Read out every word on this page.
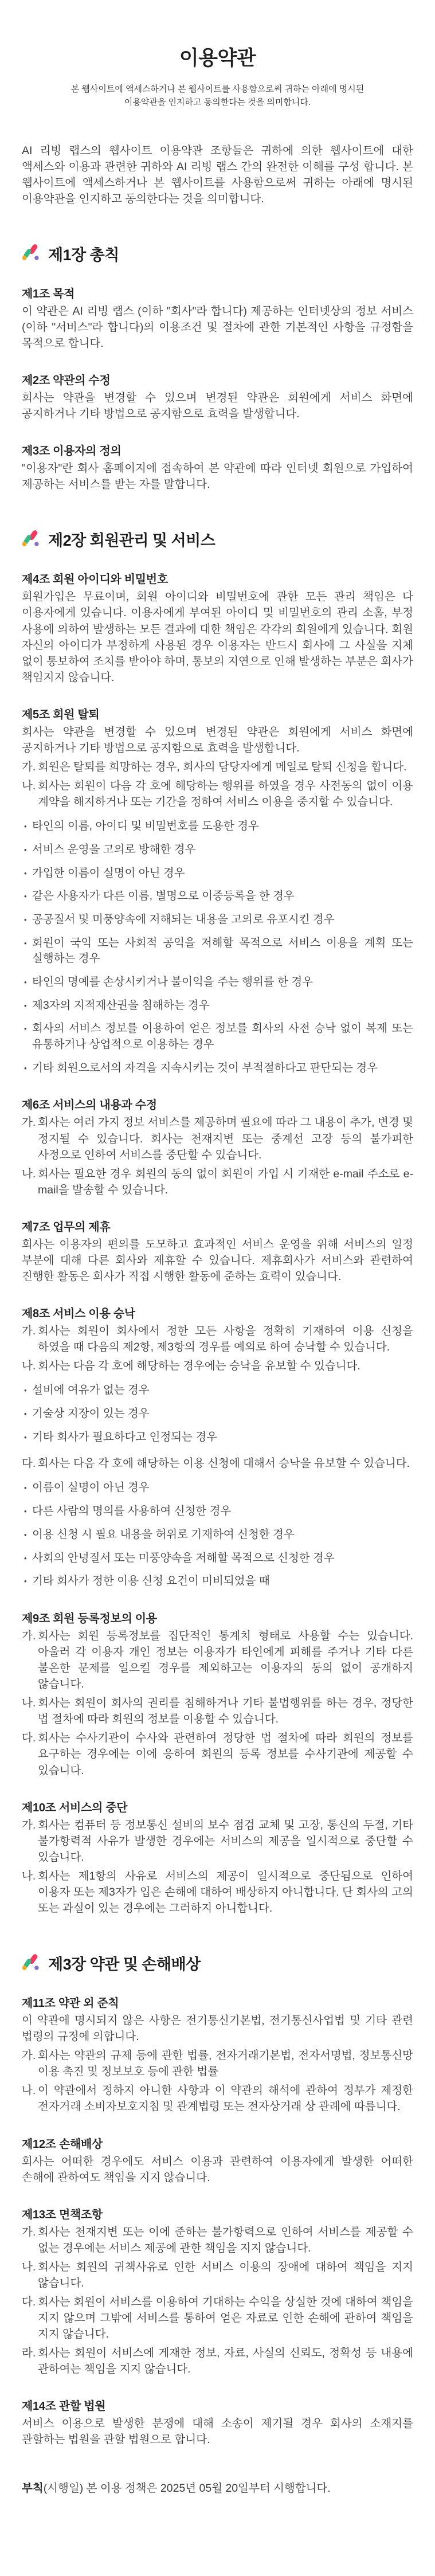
이용약관

본 웹사이트에 액세스하거나 본 웹사이트를 사용함으로써 귀하는 아래에 명시된
이용약관을 인지하고 동의한다는 것을 의미합니다.

AI 리빙 랩스의 웹사이트 이용약관 조항들은 귀하에 의한 웹사이트에 대한 액세스와 이용과 관련한 귀하와 AI 리빙 랩스 간의 완전한 이해를 구성 합니다. 본 웹사이트에 액세스하거나 본 웹사이트를 사용함으로써 귀하는 아래에 명시된 이용약관을 인지하고 동의한다는 것을 의미합니다.

제1장 총칙
제1조 목적

이 약관은 AI 리빙 랩스 (이하 "회사"라 합니다) 제공하는 인터넷상의 정보 서비스 (이하 "서비스"라 합니다)의 이용조건 및 절차에 관한 기본적인 사항을 규정함을 목적으로 합니다.

제2조 약관의 수정

회사는 약관을 변경할 수 있으며 변경된 약관은 회원에게 서비스 화면에 공지하거나 기타 방법으로 공지함으로 효력을 발생합니다.

제3조 이용자의 정의

"이용자"란 회사 홈페이지에 접속하여 본 약관에 따라 인터넷 회원으로 가입하여 제공하는 서비스를 받는 자를 말합니다.

제2장 회원관리 및 서비스
제4조 회원 아이디와 비밀번호

회원가입은 무료이며, 회원 아이디와 비밀번호에 관한 모든 관리 책임은 다 이용자에게 있습니다. 이용자에게 부여된 아이디 및 비밀번호의 관리 소홀, 부정 사용에 의하여 발생하는 모든 결과에 대한 책임은 각각의 회원에게 있습니다. 회원 자신의 아이디가 부정하게 사용된 경우 이용자는 반드시 회사에 그 사실을 지체 없이 통보하여 조치를 받아야 하며, 통보의 지연으로 인해 발생하는 부분은 회사가 책임지지 않습니다.

제5조 회원 탈퇴

회사는 약관을 변경할 수 있으며 변경된 약관은 회원에게 서비스 화면에 공지하거나 기타 방법으로 공지함으로 효력을 발생합니다.

가. 회원은 탈퇴를 희망하는 경우, 회사의 담당자에게 메일로 탈퇴 신청을 합니다.
나. 회사는 회원이 다음 각 호에 해당하는 행위를 하였을 경우 사전동의 없이 이용 계약을 해지하거나 또는 기간을 정하여 서비스 이용을 중지할 수 있습니다.
• 타인의 이름, 아이디 및 비밀번호를 도용한 경우
• 서비스 운영을 고의로 방해한 경우
• 가입한 이름이 실명이 아닌 경우
• 같은 사용자가 다른 이름, 별명으로 이중등록을 한 경우
• 공공질서 및 미풍양속에 저해되는 내용을 고의로 유포시킨 경우
• 회원이 국익 또는 사회적 공익을 저해할 목적으로 서비스 이용을 계획 또는 실행하는 경우
• 타인의 명예를 손상시키거나 불이익을 주는 행위를 한 경우
• 제3자의 지적재산권을 침해하는 경우
• 회사의 서비스 정보를 이용하여 얻은 정보를 회사의 사전 승낙 없이 복제 또는 유통하거나 상업적으로 이용하는 경우
• 기타 회원으로서의 자격을 지속시키는 것이 부적절하다고 판단되는 경우
제6조 서비스의 내용과 수정
가. 회사는 여러 가지 정보 서비스를 제공하며 필요에 따라 그 내용이 추가, 변경 및 정지될 수 있습니다. 회사는 천재지변 또는 중계선 고장 등의 불가피한 사정으로 인하여 서비스를 중단할 수 있습니다.
나. 회사는 필요한 경우 회원의 동의 없이 회원이 가입 시 기재한 e-mail 주소로 e-mail을 발송할 수 있습니다.
제7조 업무의 제휴

회사는 이용자의 편의를 도모하고 효과적인 서비스 운영을 위해 서비스의 일정 부분에 대해 다른 회사와 제휴할 수 있습니다. 제휴회사가 서비스와 관련하여 진행한 활동은 회사가 직접 시행한 활동에 준하는 효력이 있습니다.

제8조 서비스 이용 승낙
가. 회사는 회원이 회사에서 정한 모든 사항을 정확히 기재하여 이용 신청을 하였을 때 다음의 제2항, 제3항의 경우를 예외로 하여 승낙할 수 있습니다.
나. 회사는 다음 각 호에 해당하는 경우에는 승낙을 유보할 수 있습니다.
• 설비에 여유가 없는 경우
• 기술상 지장이 있는 경우
• 기타 회사가 필요하다고 인정되는 경우
다. 회사는 다음 각 호에 해당하는 이용 신청에 대해서 승낙을 유보할 수 있습니다.
• 이름이 실명이 아닌 경우
• 다른 사람의 명의를 사용하여 신청한 경우
• 이용 신청 시 필요 내용을 허위로 기재하여 신청한 경우
• 사회의 안녕질서 또는 미풍양속을 저해할 목적으로 신청한 경우
• 기타 회사가 정한 이용 신청 요건이 미비되었을 때
제9조 회원 등록정보의 이용
가. 회사는 회원 등록정보를 집단적인 통계치 형태로 사용할 수는 있습니다. 아울러 각 이용자 개인 정보는 이용자가 타인에게 피해를 주거나 기타 다른 불온한 문제를 일으킬 경우를 제외하고는 이용자의 동의 없이 공개하지 않습니다.
나. 회사는 회원이 회사의 권리를 침해하거나 기타 불법행위를 하는 경우, 정당한 법 절차에 따라 회원의 정보를 이용할 수 있습니다.
다. 회사는 수사기관이 수사와 관련하여 정당한 법 절차에 따라 회원의 정보를 요구하는 경우에는 이에 응하여 회원의 등록 정보를 수사기관에 제공할 수 있습니다.
제10조 서비스의 중단
가. 회사는 컴퓨터 등 정보통신 설비의 보수 점검 교체 및 고장, 통신의 두절, 기타 불가항력적 사유가 발생한 경우에는 서비스의 제공을 일시적으로 중단할 수 있습니다.
나. 회사는 제1항의 사유로 서비스의 제공이 일시적으로 중단됨으로 인하여 이용자 또는 제3자가 입은 손해에 대하여 배상하지 아니합니다. 단 회사의 고의 또는 과실이 있는 경우에는 그러하지 아니합니다.
제3장 약관 및 손해배상
제11조 약관 외 준칙

이 약관에 명시되지 않은 사항은 전기통신기본법, 전기통신사업법 및 기타 관련 법령의 규정에 의합니다.

가. 회사는 약관의 규제 등에 관한 법률, 전자거래기본법, 전자서명법, 정보통신망 이용 촉진 및 정보보호 등에 관한 법률
나. 이 약관에서 정하지 아니한 사항과 이 약관의 해석에 관하여 정부가 제정한 전자거래 소비자보호지침 및 관계법령 또는 전자상거래 상 관례에 따릅니다.
제12조 손해배상

회사는 어떠한 경우에도 서비스 이용과 관련하여 이용자에게 발생한 어떠한 손해에 관하여도 책임을 지지 않습니다.

제13조 면책조항
가. 회사는 천재지변 또는 이에 준하는 불가항력으로 인하여 서비스를 제공할 수 없는 경우에는 서비스 제공에 관한 책임을 지지 않습니다.
나. 회사는 회원의 귀책사유로 인한 서비스 이용의 장애에 대하여 책임을 지지 않습니다.
다. 회사는 회원이 서비스를 이용하여 기대하는 수익을 상실한 것에 대하여 책임을 지지 않으며 그밖에 서비스를 통하여 얻은 자료로 인한 손해에 관하여 책임을 지지 않습니다.
라. 회사는 회원이 서비스에 게재한 정보, 자료, 사실의 신뢰도, 정확성 등 내용에 관하여는 책임을 지지 않습니다.
제14조 관할 법원

서비스 이용으로 발생한 분쟁에 대해 소송이 제기될 경우 회사의 소재지를 관할하는 법원을 관할 법원으로 합니다.

부칙(시행일) 본 이용 정책은 2025년 05월 20일부터 시행합니다.
